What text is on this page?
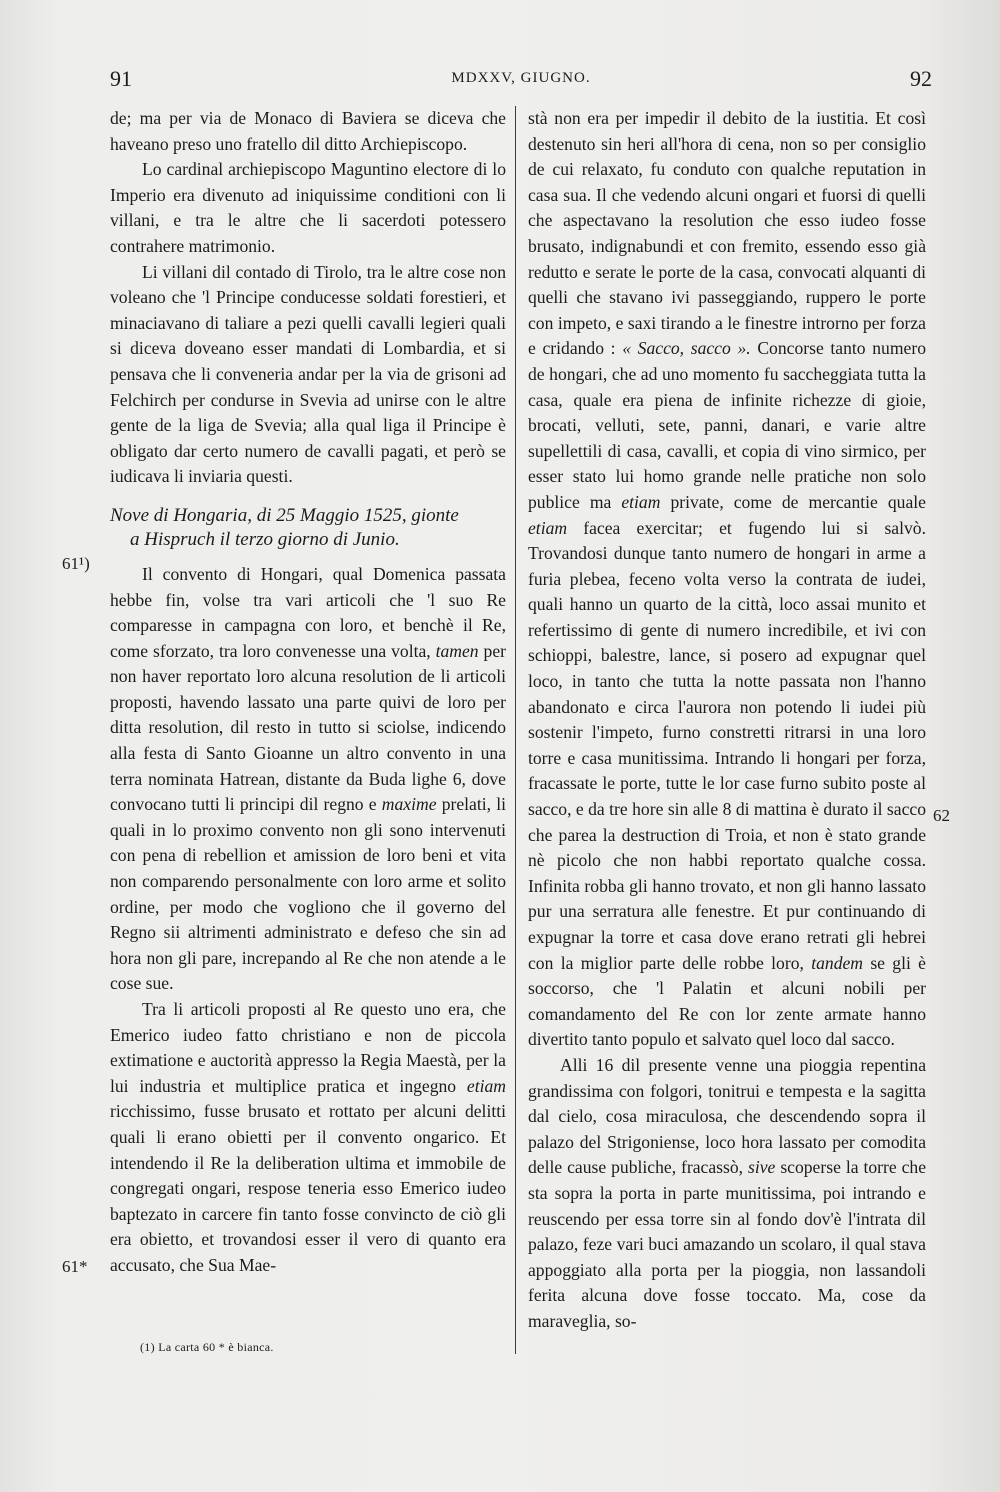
91	MDXXV, GIUGNO.	92
61¹)
61*
62

de; ma per via de Monaco di Baviera se diceva che haveano preso uno fratello dil ditto Archiepiscopo.

Lo cardinal archiepiscopo Maguntino electore di lo Imperio era divenuto ad iniquissime conditioni con li villani, e tra le altre che li sacerdoti potessero contrahere matrimonio.

Li villani dil contado di Tirolo, tra le altre cose non voleano che 'l Principe conducesse soldati forestieri, et minaciavano di taliare a pezi quelli cavalli legieri quali si diceva doveano esser mandati di Lombardia, et si pensava che li conveneria andar per la via de grisoni ad Felchirch per condurse in Svevia ad unirse con le altre gente de la liga de Svevia; alla qual liga il Principe è obligato dar certo numero de cavalli pagati, et però se iudicava li inviaria questi.

Nove di Hongaria, di 25 Maggio 1525, gionte
a Hispruch il terzo giorno di Junio.

Il convento di Hongari, qual Domenica passata hebbe fin, volse tra vari articoli che 'l suo Re comparesse in campagna con loro, et benchè il Re, come sforzato, tra loro convenesse una volta, tamen per non haver reportato loro alcuna resolution de li articoli proposti, havendo lassato una parte quivi de loro per ditta resolution, dil resto in tutto si sciolse, indicendo alla festa di Santo Gioanne un altro convento in una terra nominata Hatrean, distante da Buda lighe 6, dove convocano tutti li principi dil regno e maxime prelati, li quali in lo proximo convento non gli sono intervenuti con pena di rebellion et amission de loro beni et vita non comparendo personalmente con loro arme et solito ordine, per modo che vogliono che il governo del Regno sii altrimenti administrato e defeso che sin ad hora non gli pare, increpando al Re che non atende a le cose sue.

Tra li articoli proposti al Re questo uno era, che Emerico iudeo fatto christiano e non de piccola extimatione e auctorità appresso la Regia Maestà, per la lui industria et multiplice pratica et ingegno etiam ricchissimo, fusse brusato et rottato per alcuni delitti quali li erano obietti per il convento ongarico. Et intendendo il Re la deliberation ultima et immobile de congregati ongari, respose teneria esso Emerico iudeo baptezato in carcere fin tanto fosse convincto de ciò gli era obietto, et trovandosi esser il vero di quanto era accusato, che Sua Mae-

stà non era per impedir il debito de la iustitia. Et così destenuto sin heri all'hora di cena, non so per consiglio de cui relaxato, fu conduto con qualche reputation in casa sua. Il che vedendo alcuni ongari et fuorsi di quelli che aspectavano la resolution che esso iudeo fosse brusato, indignabundi et con fremito, essendo esso già redutto e serate le porte de la casa, convocati alquanti di quelli che stavano ivi passeggiando, ruppero le porte con impeto, e saxi tirando a le finestre introrno per forza e cridando : « Sacco, sacco ». Concorse tanto numero de hongari, che ad uno momento fu saccheggiata tutta la casa, quale era piena de infinite richezze di gioie, brocati, velluti, sete, panni, danari, e varie altre supellettili di casa, cavalli, et copia di vino sirmico, per esser stato lui homo grande nelle pratiche non solo publice ma etiam private, come de mercantie quale etiam facea exercitar; et fugendo lui si salvò. Trovandosi dunque tanto numero de hongari in arme a furia plebea, feceno volta verso la contrata de iudei, quali hanno un quarto de la città, loco assai munito et refertissimo di gente di numero incredibile, et ivi con schioppi, balestre, lance, si posero ad expugnar quel loco, in tanto che tutta la notte passata non l'hanno abandonato e circa l'aurora non potendo li iudei più sostenir l'impeto, furno constretti ritrarsi in una loro torre e casa munitissima. Intrando li hongari per forza, fracassate le porte, tutte le lor case furno subito poste al sacco, e da tre hore sin alle 8 di mattina è durato il sacco che parea la destruction di Troia, et non è stato grande nè picolo che non habbi reportato qualche cossa. Infinita robba gli hanno trovato, et non gli hanno lassato pur una serratura alle fenestre. Et pur continuando di expugnar la torre et casa dove erano retrati gli hebrei con la miglior parte delle robbe loro, tandem se gli è soccorso, che 'l Palatin et alcuni nobili per comandamento del Re con lor zente armate hanno divertito tanto populo et salvato quel loco dal sacco.

Alli 16 dil presente venne una pioggia repentina grandissima con folgori, tonitrui e tempesta e la sagitta dal cielo, cosa miraculosa, che descendendo sopra il palazo del Strigoniense, loco hora lassato per comodita delle cause publiche, fracassò, sive scoperse la torre che sta sopra la porta in parte munitissima, poi intrando e reuscendo per essa torre sin al fondo dov'è l'intrata dil palazo, feze vari buci amazando un scolaro, il qual stava appoggiato alla porta per la pioggia, non lassandoli ferita alcuna dove fosse toccato. Ma, cose da maraveglia, so-

(1) La carta 60 * è bianca.
